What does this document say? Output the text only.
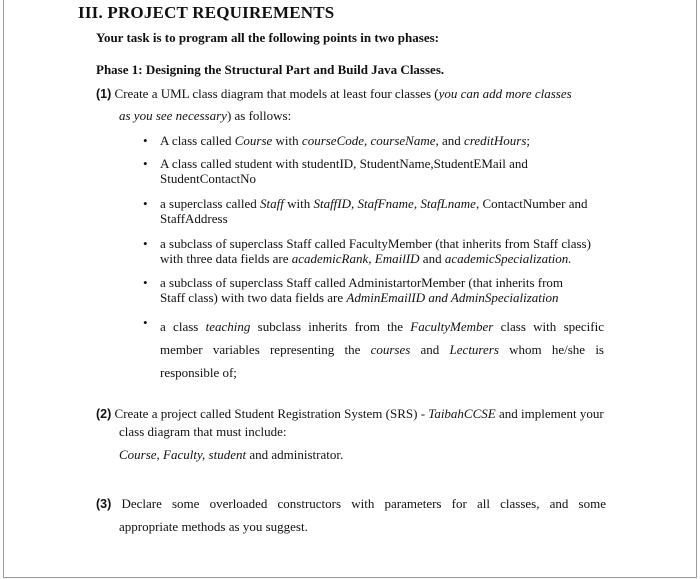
III. PROJECT REQUIREMENTS
Your task is to program all the following points in two phases:
Phase 1: Designing the Structural Part and Build Java Classes.
(1) Create a UML class diagram that models at least four classes (you can add more classes
as you see necessary) as follows:
• A class called Course with courseCode, courseName, and creditHours;
• A class called student with studentID, StudentName,StudentEMail and
StudentContactNo
• a superclass called Staff with StaffID, StafFname, StafLname, ContactNumber and
StaffAddress
• a subclass of superclass Staff called FacultyMember (that inherits from Staff class)
with three data fields are academicRank, EmailID and academicSpecialization.
• a subclass of superclass Staff called AdministartorMember (that inherits from
Staff class) with two data fields are AdminEmailID and AdminSpecialization
• a class teaching subclass inherits from the FacultyMember class with specific
member variables representing the courses and Lecturers whom he/she is
responsible of;
(2) Create a project called Student Registration System (SRS) - TaibahCCSE and implement your
class diagram that must include:
Course, Faculty, student and administrator.
(3) Declare some overloaded constructors with parameters for all classes, and some
appropriate methods as you suggest.
